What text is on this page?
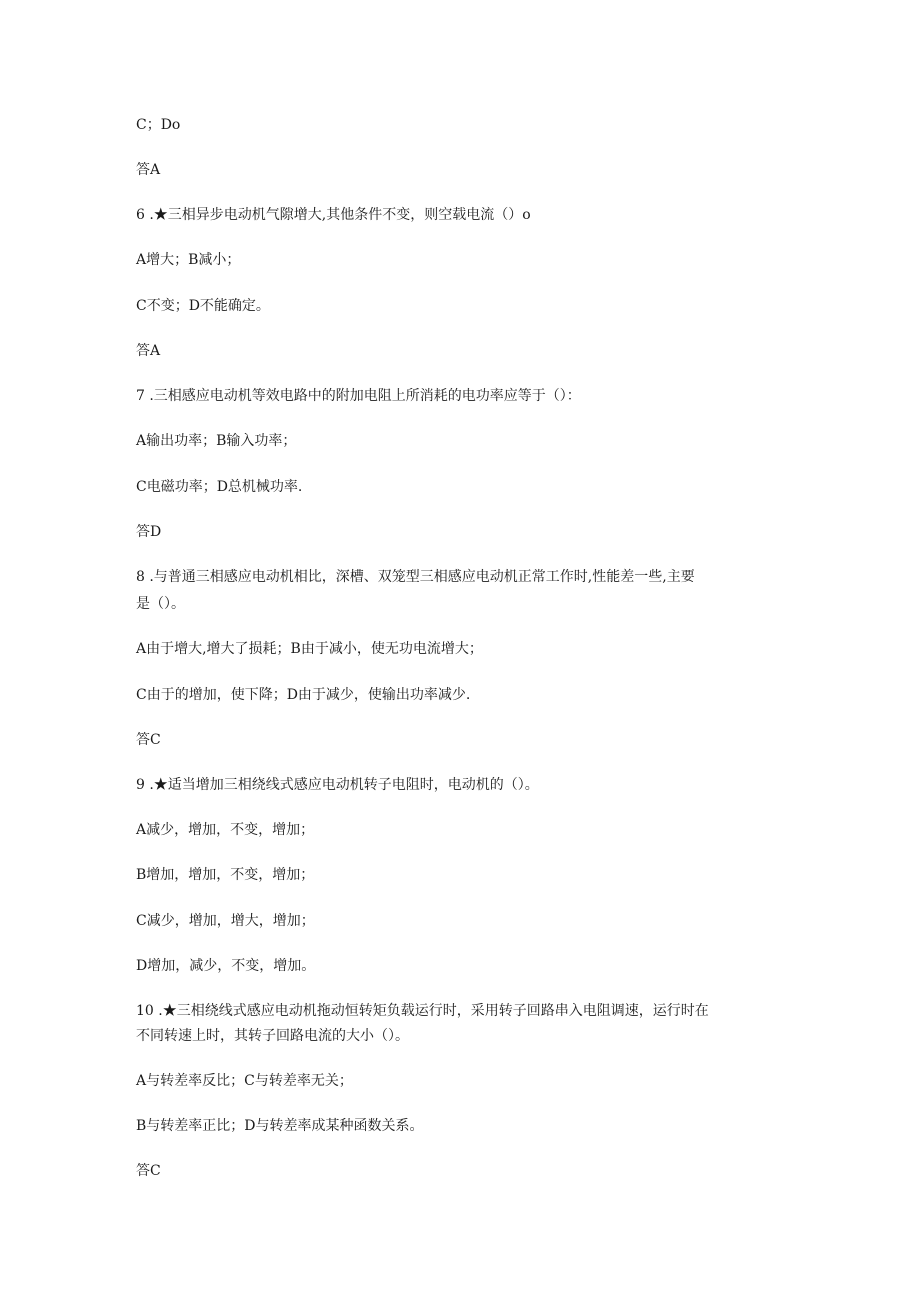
C；Do
答A
6 .★三相异步电动机气隙增大,其他条件不变，则空载电流（）o
A增大；B减小；
C不变；D不能确定。
答A
7 .三相感应电动机等效电路中的附加电阻上所消耗的电功率应等于（）：
A输出功率；B输入功率；
C电磁功率；D总机械功率.
答D
8 .与普通三相感应电动机相比，深槽、双笼型三相感应电动机正常工作时,性能差一些,主要
是（）。
A由于增大,增大了损耗；B由于减小，使无功电流增大；
C由于的增加，使下降；D由于减少，使输出功率减少.
答C
9 .★适当增加三相绕线式感应电动机转子电阻时，电动机的（）。
A减少，增加，不变，增加；
B增加，增加，不变，增加；
C减少，增加，增大，增加；
D增加，减少，不变，增加。
10 .★三相绕线式感应电动机拖动恒转矩负载运行时，采用转子回路串入电阻调速，运行时在
不同转速上时，其转子回路电流的大小（）。
A与转差率反比；C与转差率无关；
B与转差率正比；D与转差率成某种函数关系。
答C
